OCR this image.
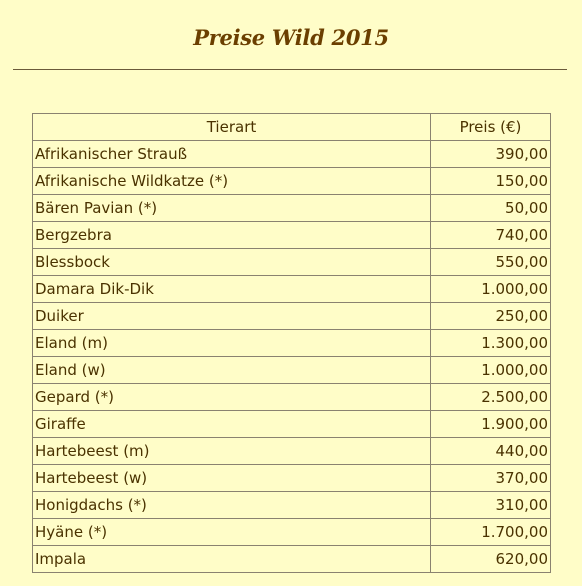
Preise Wild 2015
Tierart	Preis (€)
Afrikanischer Strauß	390,00
Afrikanische Wildkatze (*)	150,00
Bären Pavian (*)	50,00
Bergzebra	740,00
Blessbock	550,00
Damara Dik-Dik	1.000,00
Duiker	250,00
Eland (m)	1.300,00
Eland (w)	1.000,00
Gepard (*)	2.500,00
Giraffe	1.900,00
Hartebeest (m)	440,00
Hartebeest (w)	370,00
Honigdachs (*)	310,00
Hyäne (*)	1.700,00
Impala	620,00
